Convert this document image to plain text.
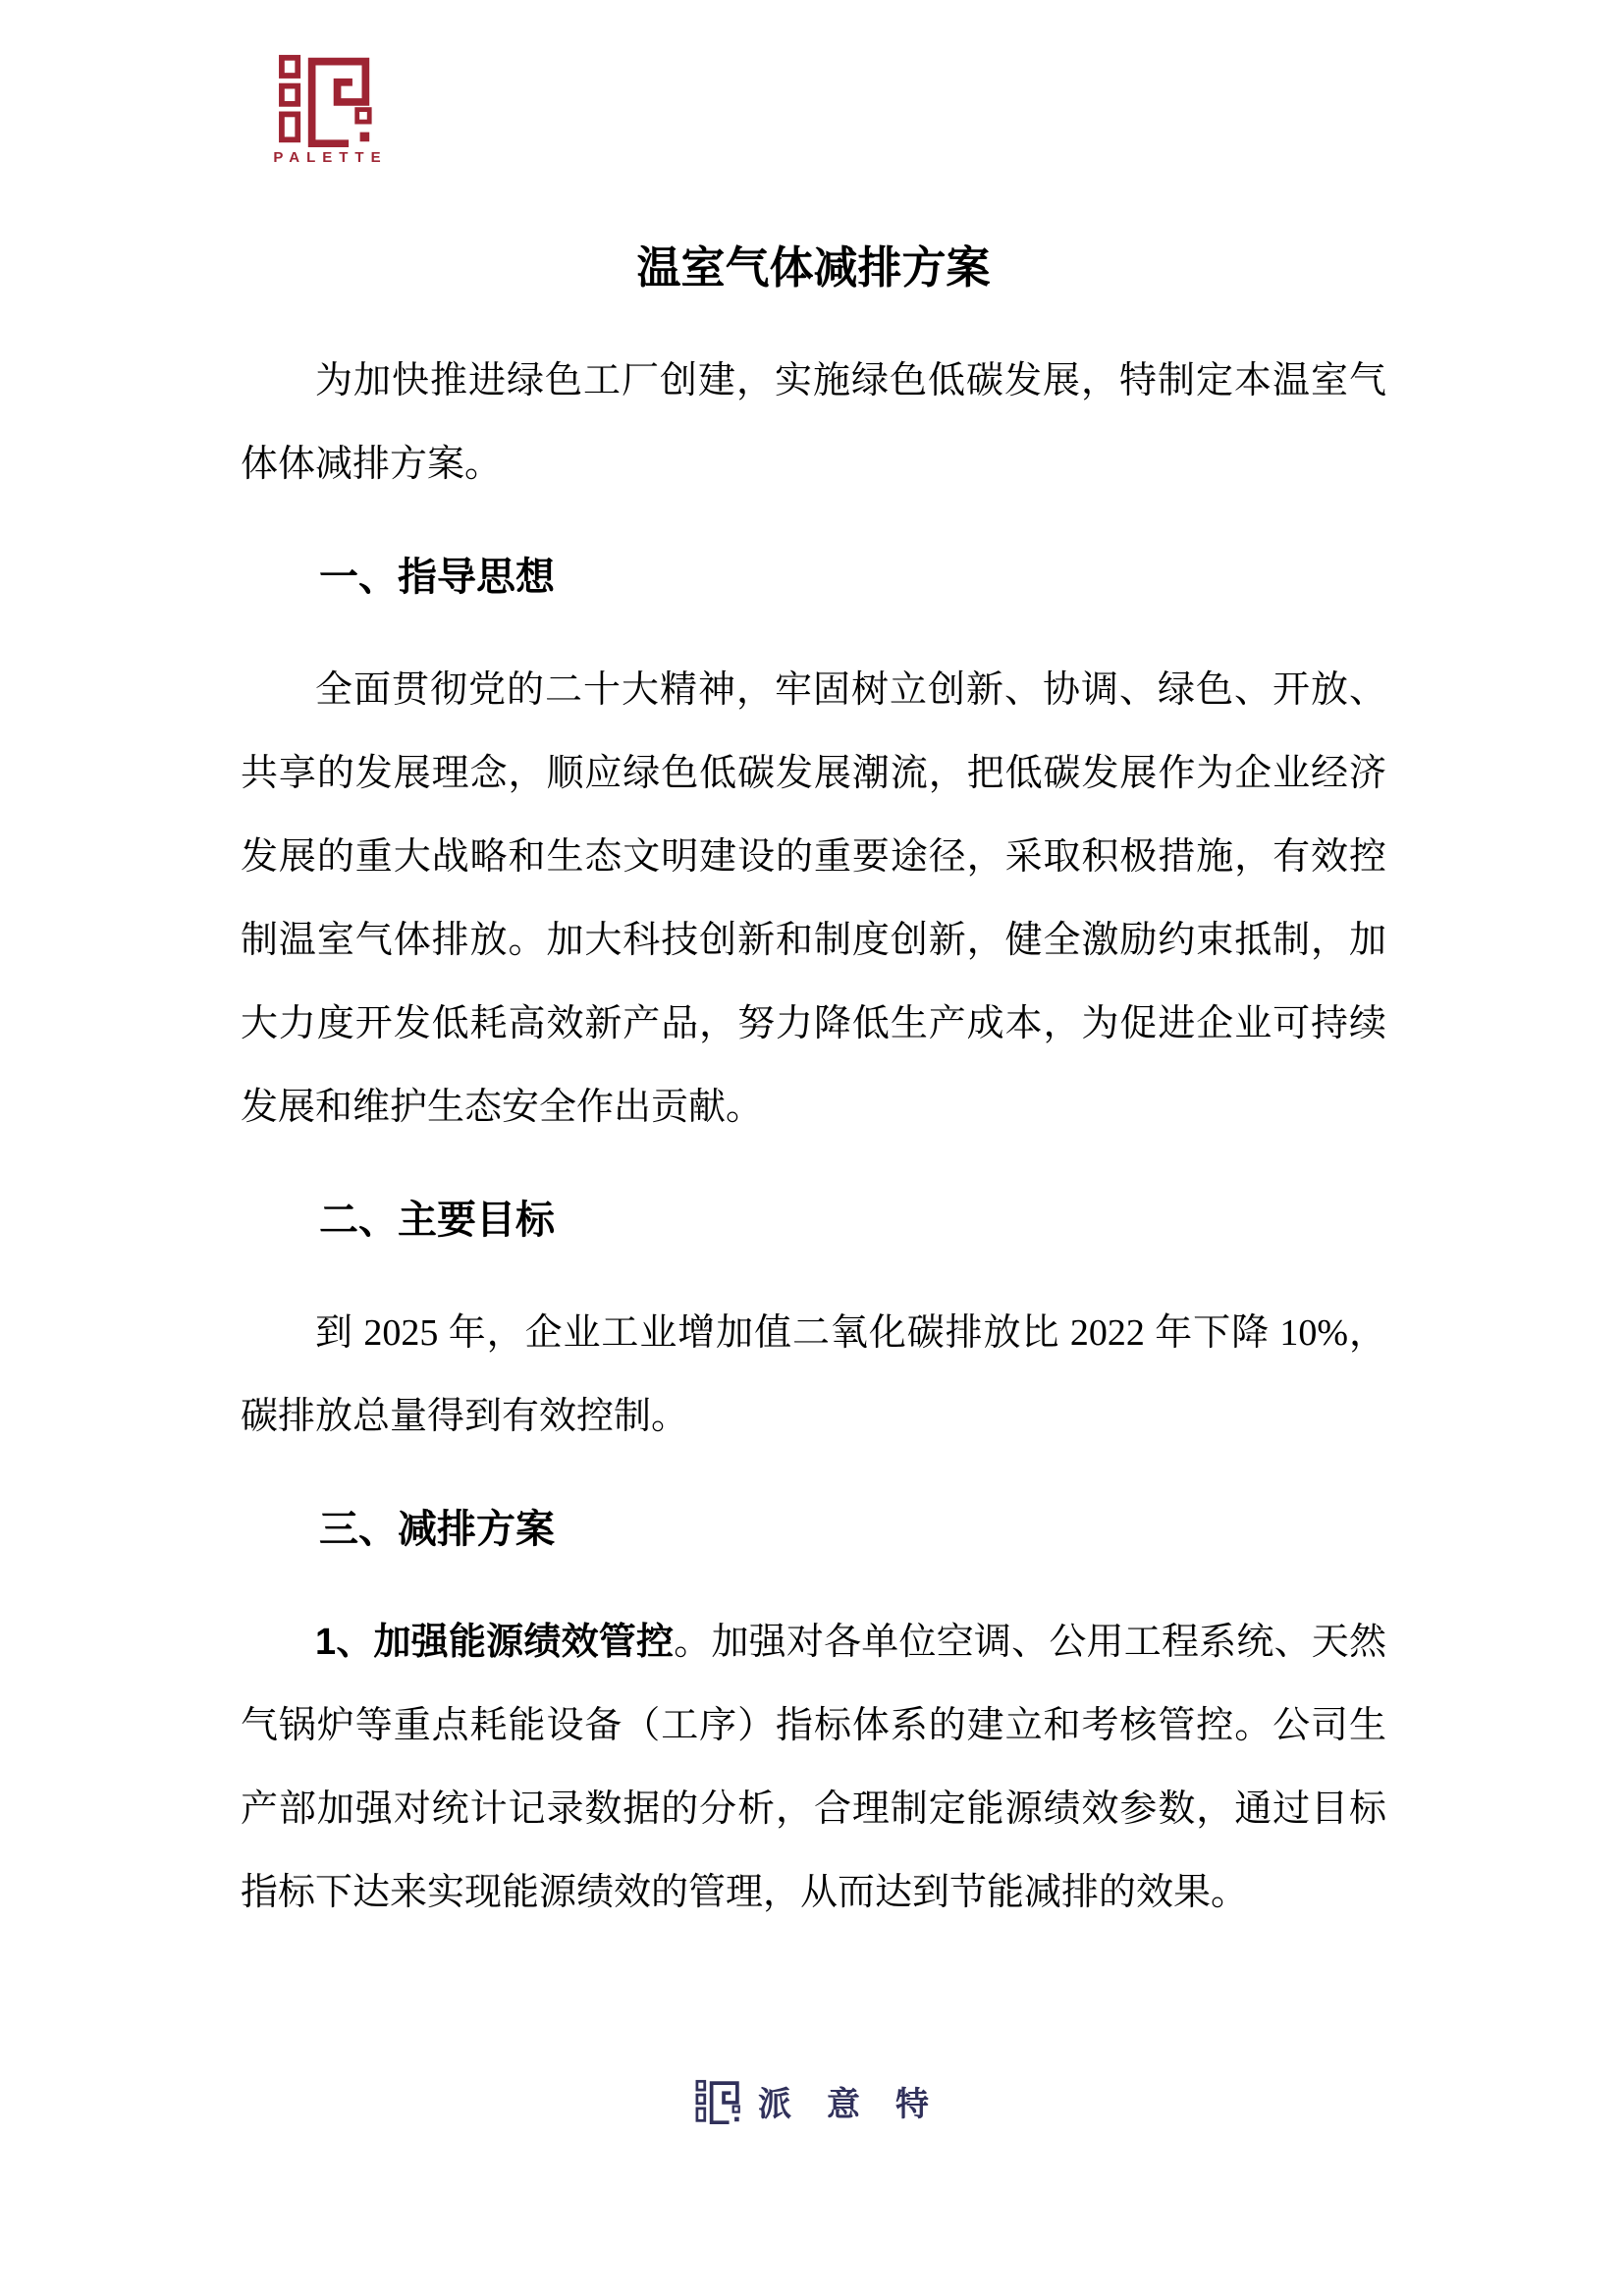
PALETTE
温室气体减排方案

为加快推进绿色工厂创建，实施绿色低碳发展，特制定本温室气体体减排方案。

一、指导思想

全面贯彻党的二十大精神，牢固树立创新、协调、绿色、开放、共享的发展理念，顺应绿色低碳发展潮流，把低碳发展作为企业经济发展的重大战略和生态文明建设的重要途径，采取积极措施，有效控制温室气体排放。加大科技创新和制度创新，健全激励约束抵制，加大力度开发低耗高效新产品，努力降低生产成本，为促进企业可持续发展和维护生态安全作出贡献。

二、主要目标

到 2025 年，企业工业增加值二氧化碳排放比 2022 年下降 10%，碳排放总量得到有效控制。

三、减排方案

1、加强能源绩效管控。加强对各单位空调、公用工程系统、天然气锅炉等重点耗能设备（工序）指标体系的建立和考核管控。公司生产部加强对统计记录数据的分析，合理制定能源绩效参数，通过目标指标下达来实现能源绩效的管理，从而达到节能减排的效果。

派意特
